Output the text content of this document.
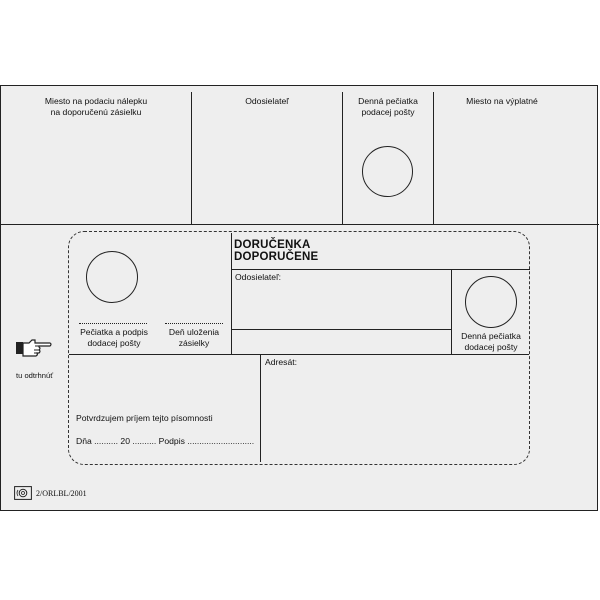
Miesto na podaciu nálepku
na doporučenú zásielku
Odosielateľ	Denná pečiatka
podacej pošty
Miesto na výplatné
tu odtrhnúť
DORUČENKA
DOPORUČENE
Odosielateľ:
Pečiatka a podpis
dodacej pošty
Deň uloženia
zásielky
Denná pečiatka
dodacej pošty
Adresát:
Potvrdzujem príjem tejto písomnosti
Dňa .......... 20 .......... Podpis ............................
2/ORLBL/2001
